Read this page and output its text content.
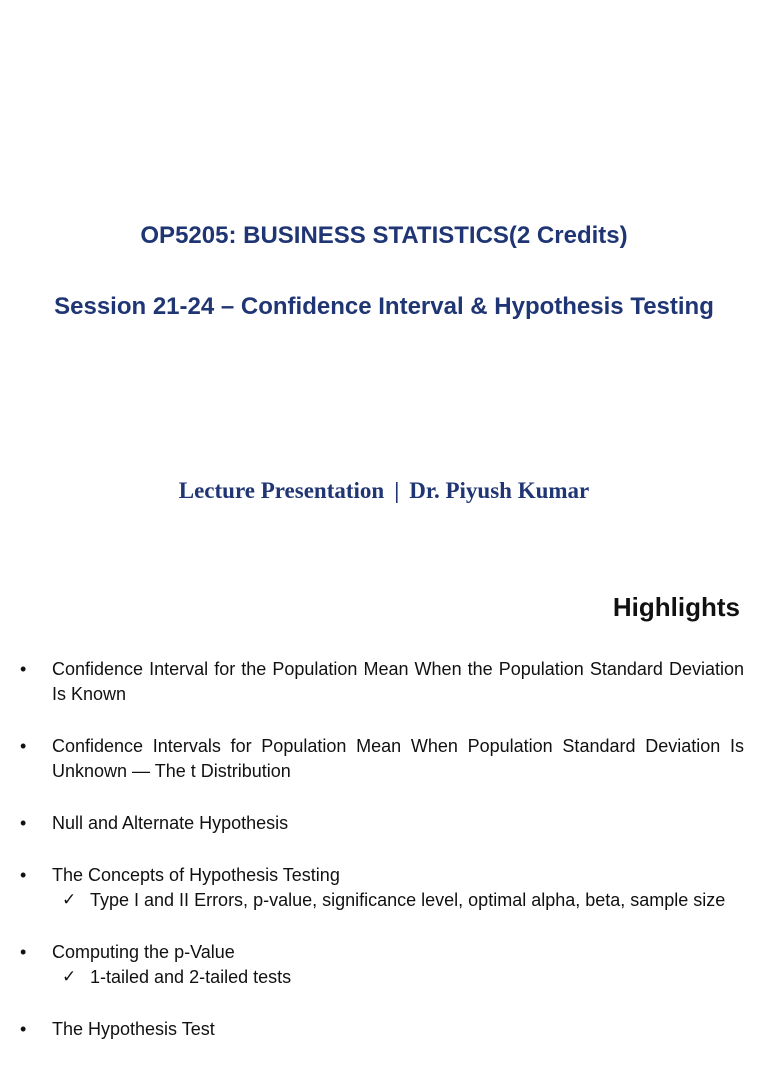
OP5205: BUSINESS STATISTICS(2 Credits)
Session 21-24 – Confidence Interval & Hypothesis Testing
Lecture Presentation | Dr. Piyush Kumar
Highlights
•	Confidence Interval for the Population Mean When the Population Standard Deviation Is Known
•	Confidence Intervals for Population Mean When Population Standard Deviation Is Unknown — The t Distribution
•	Null and Alternate Hypothesis
•	The Concepts of Hypothesis Testing
✓ Type I and II Errors, p-value, significance level, optimal alpha, beta, sample size
•	Computing the p-Value
✓ 1-tailed and 2-tailed tests
•	The Hypothesis Test
